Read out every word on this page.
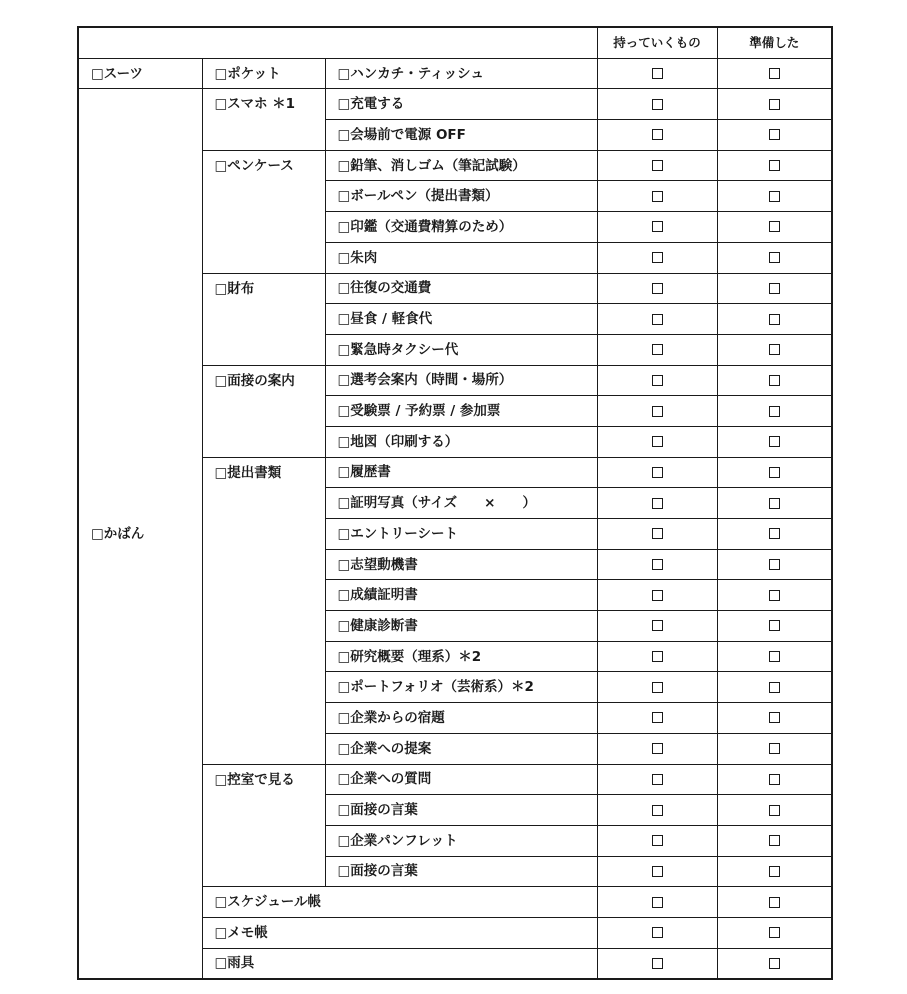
			持っていくもの	準備した
□スーツ	□ポケット	□ハンカチ・ティッシュ		
□かばん	□スマホ ＊1	□充電する		
		□会場前で電源 OFF		
	□ペンケース	□鉛筆、消しゴム（筆記試験）		
		□ボールペン（提出書類）		
		□印鑑（交通費精算のため）		
		□朱肉		
	□財布	□往復の交通費		
		□昼食 / 軽食代		
		□緊急時タクシー代		
	□面接の案内	□選考会案内（時間・場所）		
		□受験票 / 予約票 / 参加票		
		□地図（印刷する）		
	□提出書類	□履歴書		
		□証明写真（サイズ　　×　　）		
		□エントリーシート		
		□志望動機書		
		□成績証明書		
		□健康診断書		
		□研究概要（理系）＊2		
		□ポートフォリオ（芸術系）＊2		
		□企業からの宿題		
		□企業への提案		
	□控室で見る	□企業への質問		
		□面接の言葉		
		□企業パンフレット		
		□面接の言葉		
	□スケジュール帳			
	□メモ帳			
	□雨具			
